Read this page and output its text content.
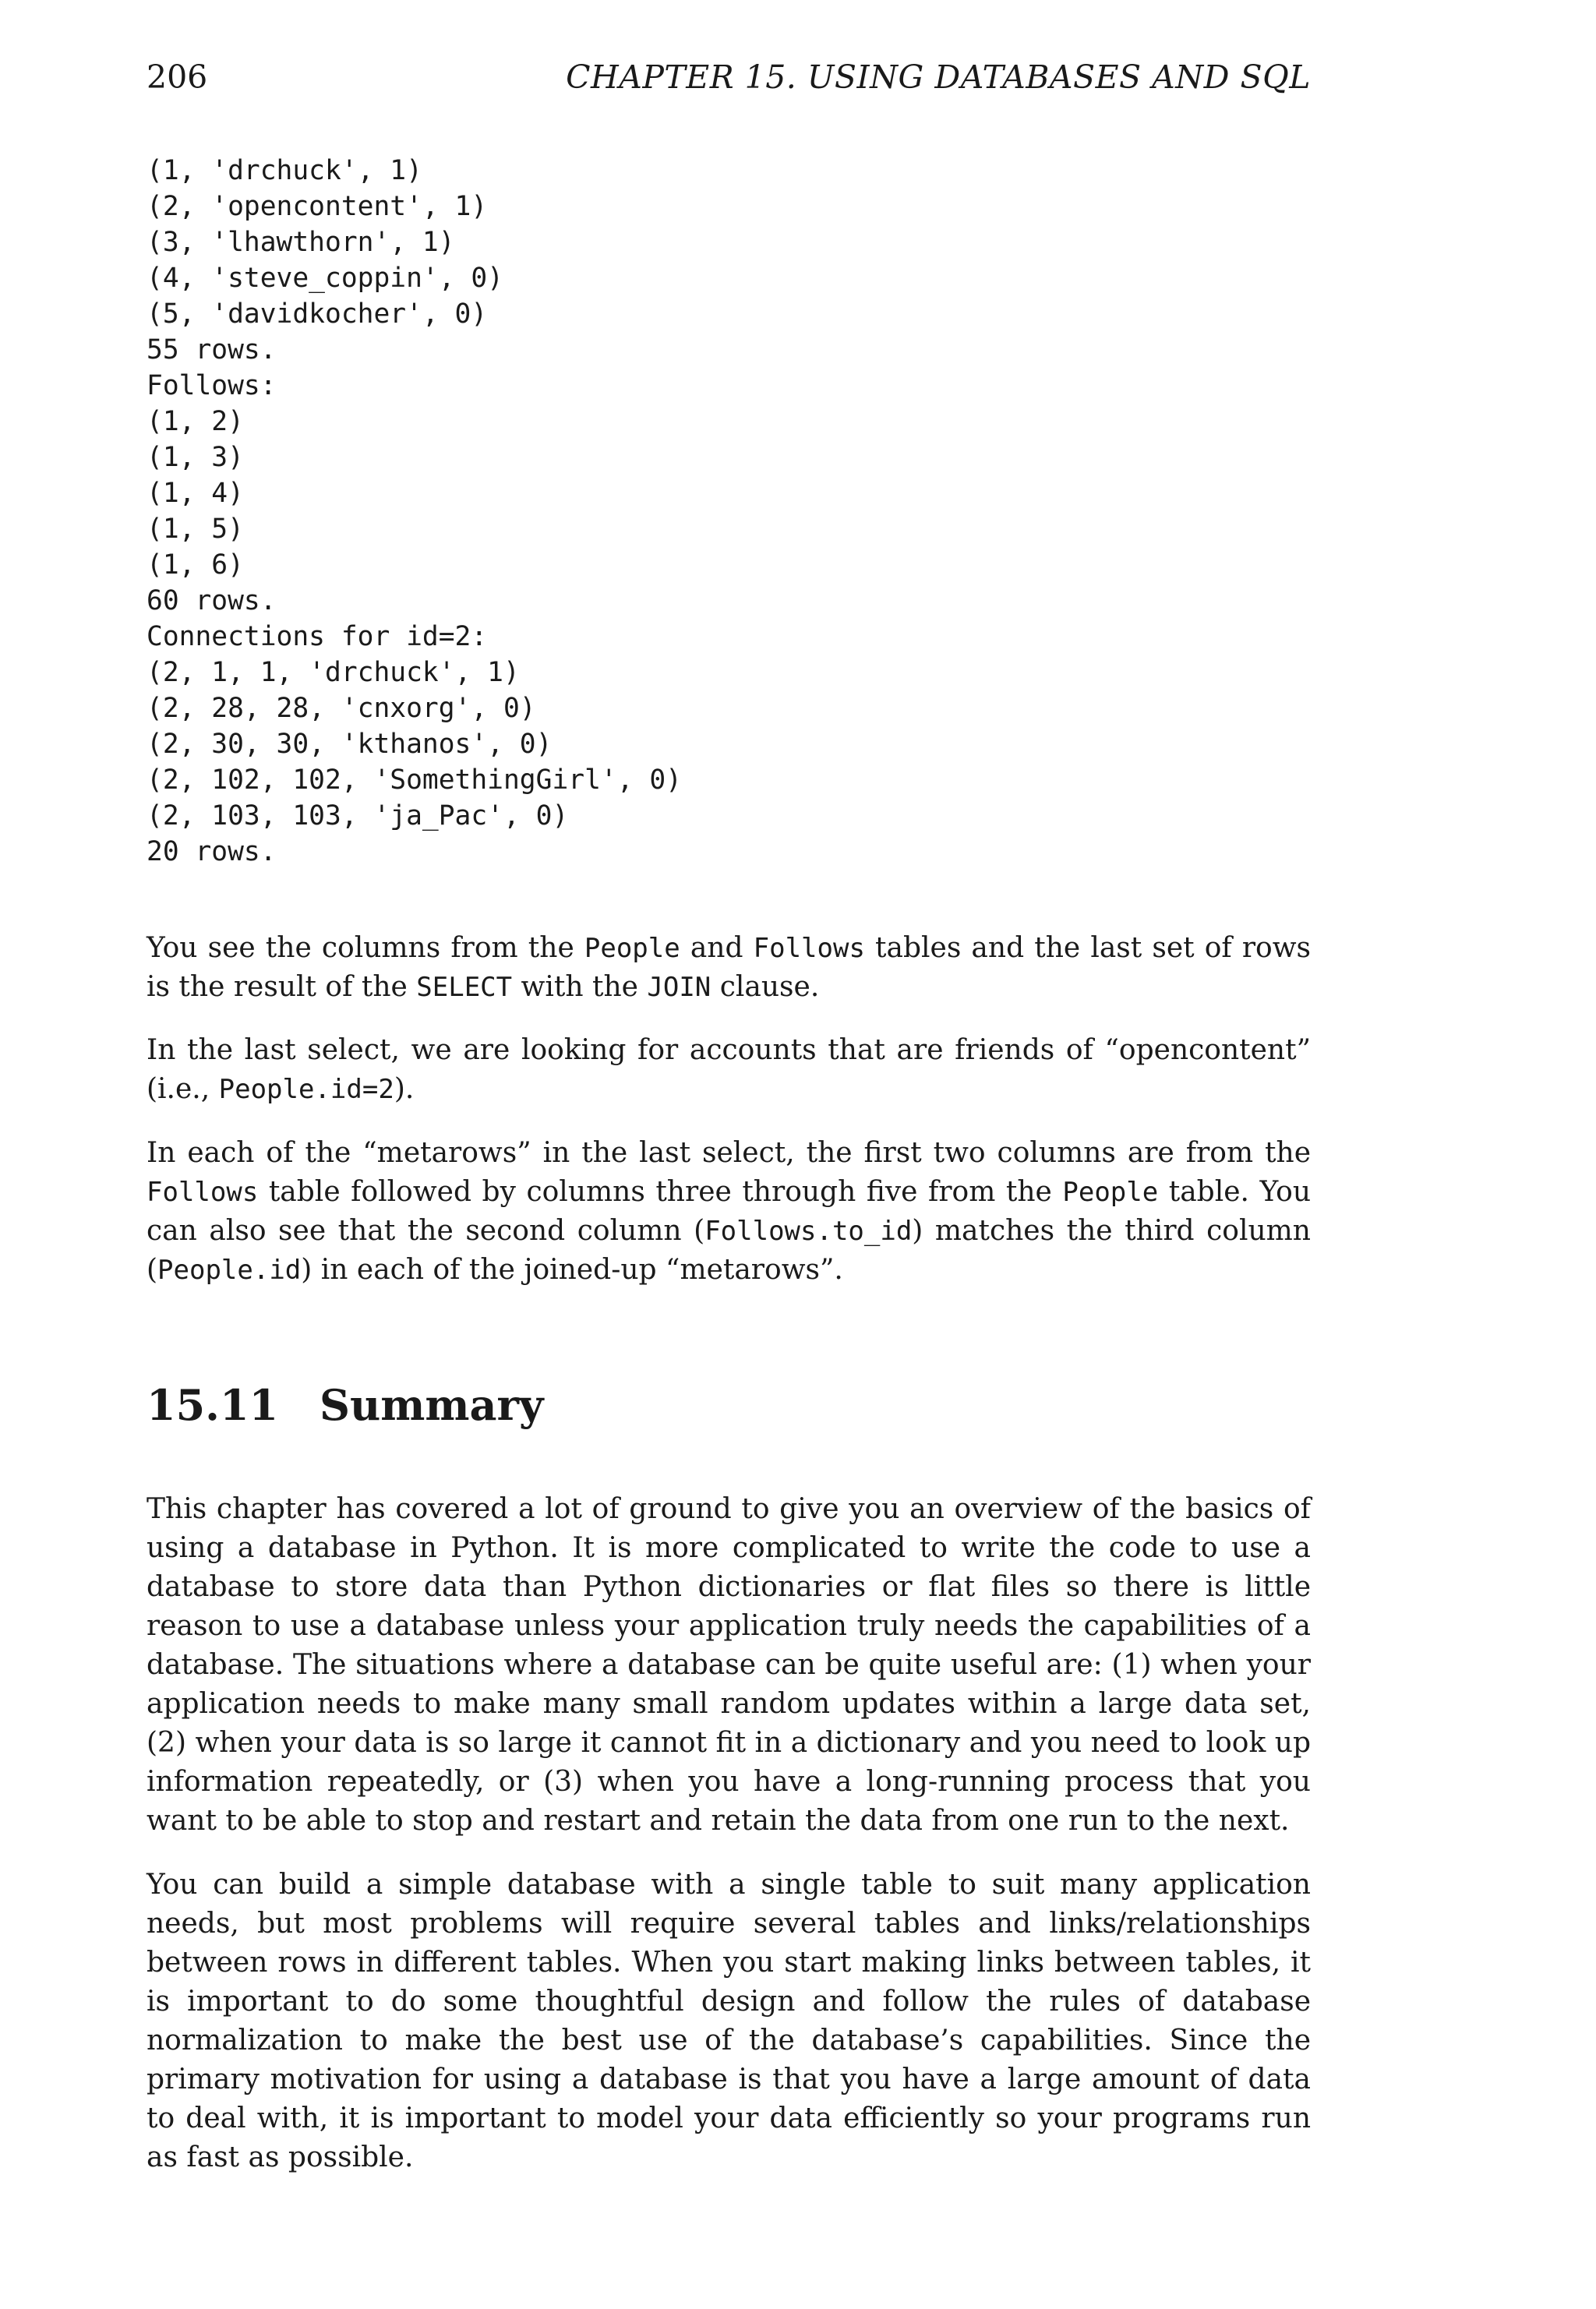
206	CHAPTER 15. USING DATABASES AND SQL
(1, 'drchuck', 1)
(2, 'opencontent', 1)
(3, 'lhawthorn', 1)
(4, 'steve_coppin', 0)
(5, 'davidkocher', 0)
55 rows.
Follows:
(1, 2)
(1, 3)
(1, 4)
(1, 5)
(1, 6)
60 rows.
Connections for id=2:
(2, 1, 1, 'drchuck', 1)
(2, 28, 28, 'cnxorg', 0)
(2, 30, 30, 'kthanos', 0)
(2, 102, 102, 'SomethingGirl', 0)
(2, 103, 103, 'ja_Pac', 0)
20 rows.

You see the columns from the People and Follows tables and the last set of rows is the result of the SELECT with the JOIN clause.

In the last select, we are looking for accounts that are friends of “opencontent” (i.e., People.id=2).

In each of the “metarows” in the last select, the first two columns are from the Follows table followed by columns three through five from the People table. You can also see that the second column (Follows.to_id) matches the third column (People.id) in each of the joined-up “metarows”.

15.11 Summary

This chapter has covered a lot of ground to give you an overview of the basics of using a database in Python. It is more complicated to write the code to use a database to store data than Python dictionaries or flat files so there is little reason to use a database unless your application truly needs the capabilities of a database. The situations where a database can be quite useful are: (1) when your application needs to make many small random updates within a large data set, (2) when your data is so large it cannot fit in a dictionary and you need to look up information repeatedly, or (3) when you have a long-running process that you want to be able to stop and restart and retain the data from one run to the next.

You can build a simple database with a single table to suit many application needs, but most problems will require several tables and links/relationships between rows in different tables. When you start making links between tables, it is important to do some thoughtful design and follow the rules of database normalization to make the best use of the database’s capabilities. Since the primary motivation for using a database is that you have a large amount of data to deal with, it is important to model your data efficiently so your programs run as fast as possible.
